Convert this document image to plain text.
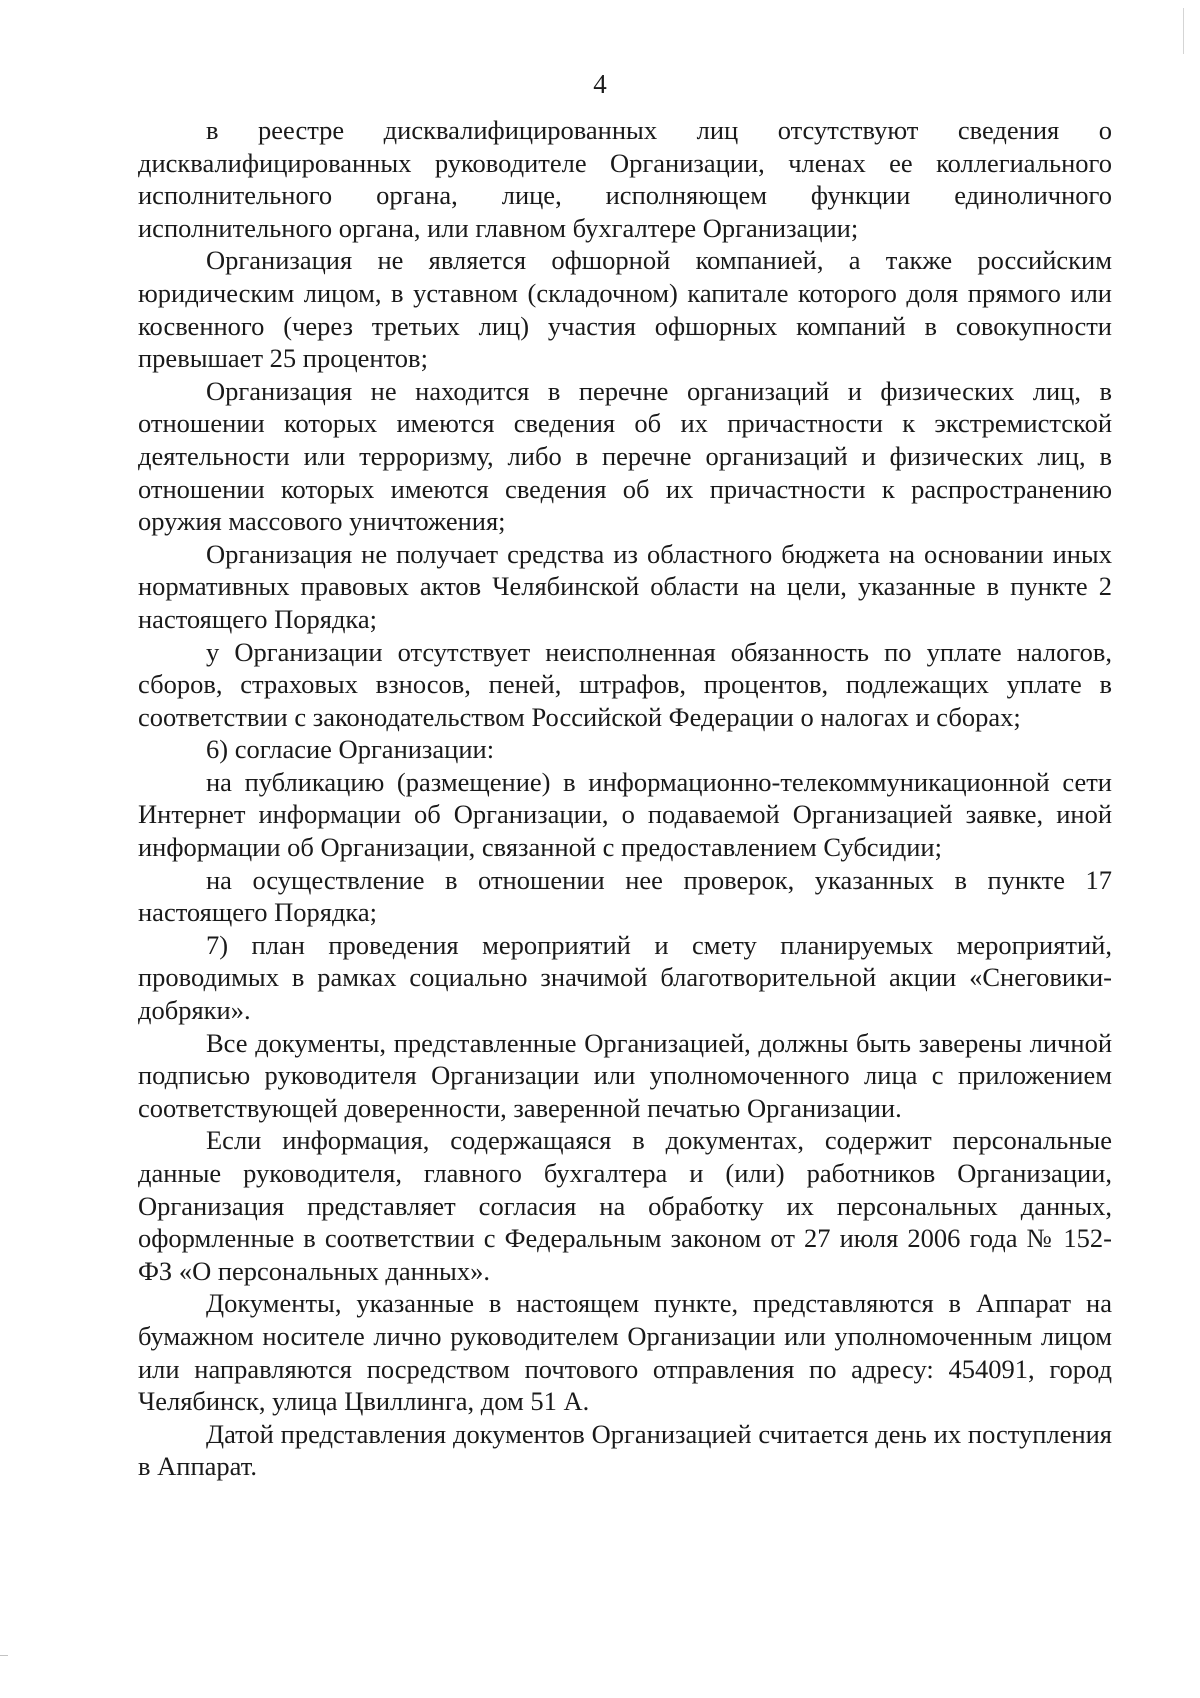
4

в реестре дисквалифицированных лиц отсутствуют сведения о дисквалифицированных руководителе Организации, членах ее коллегиального исполнительного органа, лице, исполняющем функции единоличного исполнительного органа, или главном бухгалтере Организации;

Организация не является офшорной компанией, а также российским юридическим лицом, в уставном (складочном) капитале которого доля прямого или косвенного (через третьих лиц) участия офшорных компаний в совокупности превышает 25 процентов;

Организация не находится в перечне организаций и физических лиц, в отношении которых имеются сведения об их причастности к экстремистской деятельности или терроризму, либо в перечне организаций и физических лиц, в отношении которых имеются сведения об их причастности к распространению оружия массового уничтожения;

Организация не получает средства из областного бюджета на основании иных нормативных правовых актов Челябинской области на цели, указанные в пункте 2 настоящего Порядка;

у Организации отсутствует неисполненная обязанность по уплате налогов, сборов, страховых взносов, пеней, штрафов, процентов, подлежащих уплате в соответствии с законодательством Российской Федерации о налогах и сборах;

6) согласие Организации:

на публикацию (размещение) в информационно-телекоммуникационной сети Интернет информации об Организации, о подаваемой Организацией заявке, иной информации об Организации, связанной с предоставлением Субсидии;

на осуществление в отношении нее проверок, указанных в пункте 17 настоящего Порядка;

7) план проведения мероприятий и смету планируемых мероприятий, проводимых в рамках социально значимой благотворительной акции «Снеговики-добряки».

Все документы, представленные Организацией, должны быть заверены личной подписью руководителя Организации или уполномоченного лица с приложением соответствующей доверенности, заверенной печатью Организации.

Если информация, содержащаяся в документах, содержит персональные данные руководителя, главного бухгалтера и (или) работников Организации, Организация представляет согласия на обработку их персональных данных, оформленные в соответствии с Федеральным законом от 27 июля 2006 года № 152-ФЗ «О персональных данных».

Документы, указанные в настоящем пункте, представляются в Аппарат на бумажном носителе лично руководителем Организации или уполномоченным лицом или направляются посредством почтового отправления по адресу: 454091, город Челябинск, улица Цвиллинга, дом 51 А.

Датой представления документов Организацией считается день их поступления в Аппарат.
